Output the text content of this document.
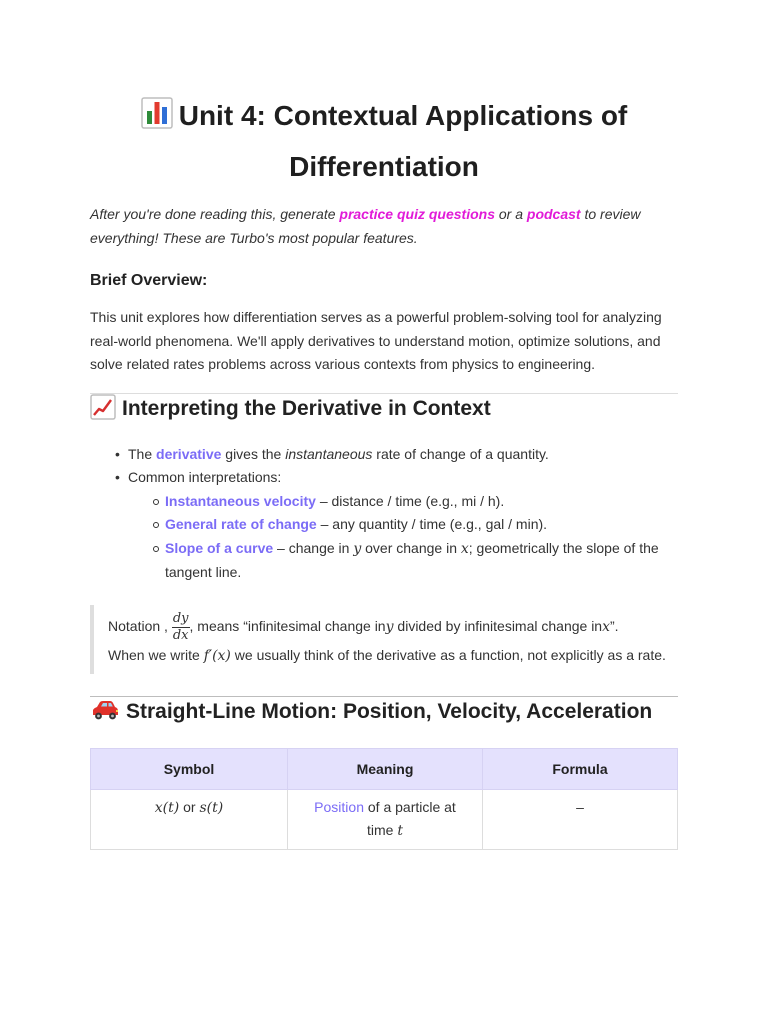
Unit 4: Contextual Applications of Differentiation

After you're done reading this, generate practice quiz questions or a podcast to review everything! These are Turbo's most popular features.

Brief Overview:

This unit explores how differentiation serves as a powerful problem-solving tool for analyzing real-world phenomena. We'll apply derivatives to understand motion, optimize solutions, and solve related rates problems across various contexts from physics to engineering.

Interpreting the Derivative in Context
• The derivative gives the instantaneous rate of change of a quantity.
• Common interpretations:
Instantaneous velocity – distance / time (e.g., mi / h).
General rate of change – any quantity / time (e.g., gal / min).
Slope of a curve – change in y over change in x; geometrically the slope of the tangent line.
Notation , $\frac{dy}{dx}$ , means “infinitesimal change iny divided by infinitesimal change inx”.
When we write f′(x) we usually think of the derivative as a function, not explicitly as a rate.
Straight-Line Motion: Position, Velocity, Acceleration
Symbol	Meaning	Formula
x(t) or s(t)	Position of a particle at time t	–
